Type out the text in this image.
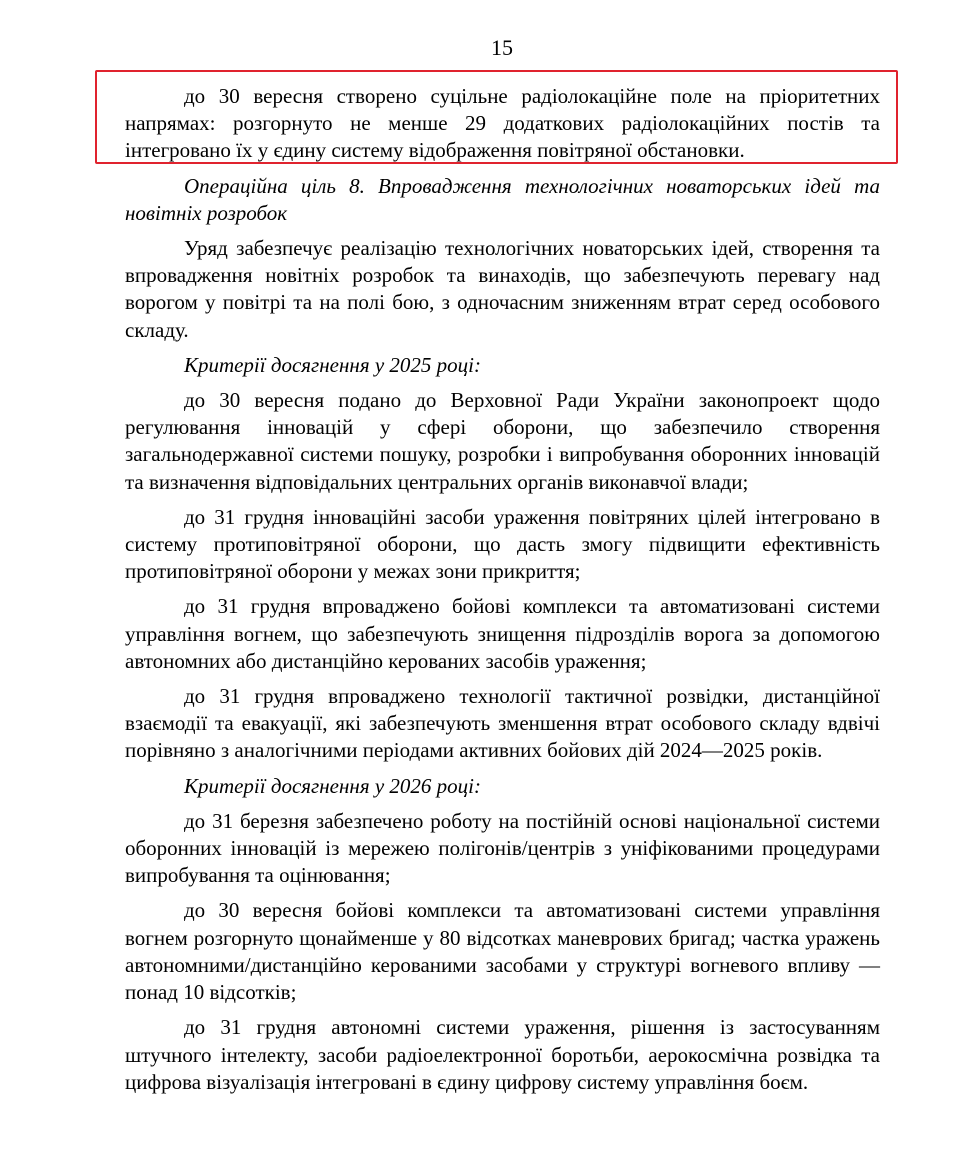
15

до 30 вересня створено суцільне радіолокаційне поле на пріоритетних напрямах: розгорнуто не менше 29 додаткових радіолокаційних постів та інтегровано їх у єдину систему відображення повітряної обстановки.

Операційна ціль 8. Впровадження технологічних новаторських ідей та новітніх розробок

Уряд забезпечує реалізацію технологічних новаторських ідей, створення та впровадження новітніх розробок та винаходів, що забезпечують перевагу над ворогом у повітрі та на полі бою, з одночасним зниженням втрат серед особового складу.

Критерії досягнення у 2025 році:

до 30 вересня подано до Верховної Ради України законопроект щодо регулювання інновацій у сфері оборони, що забезпечило створення загальнодержавної системи пошуку, розробки і випробування оборонних інновацій та визначення відповідальних центральних органів виконавчої влади;

до 31 грудня інноваційні засоби ураження повітряних цілей інтегровано в систему протиповітряної оборони, що дасть змогу підвищити ефективність протиповітряної оборони у межах зони прикриття;

до 31 грудня впроваджено бойові комплекси та автоматизовані системи управління вогнем, що забезпечують знищення підрозділів ворога за допомогою автономних або дистанційно керованих засобів ураження;

до 31 грудня впроваджено технології тактичної розвідки, дистанційної взаємодії та евакуації, які забезпечують зменшення втрат особового складу вдвічі порівняно з аналогічними періодами активних бойових дій 2024—2025 років.

Критерії досягнення у 2026 році:

до 31 березня забезпечено роботу на постійній основі національної системи оборонних інновацій із мережею полігонів/центрів з уніфікованими процедурами випробування та оцінювання;

до 30 вересня бойові комплекси та автоматизовані системи управління вогнем розгорнуто щонайменше у 80 відсотках маневрових бригад; частка уражень автономними/дистанційно керованими засобами у структурі вогневого впливу — понад 10 відсотків;

до 31 грудня автономні системи ураження, рішення із застосуванням штучного інтелекту, засоби радіоелектронної боротьби, аерокосмічна розвідка та цифрова візуалізація інтегровані в єдину цифрову систему управління боєм.
